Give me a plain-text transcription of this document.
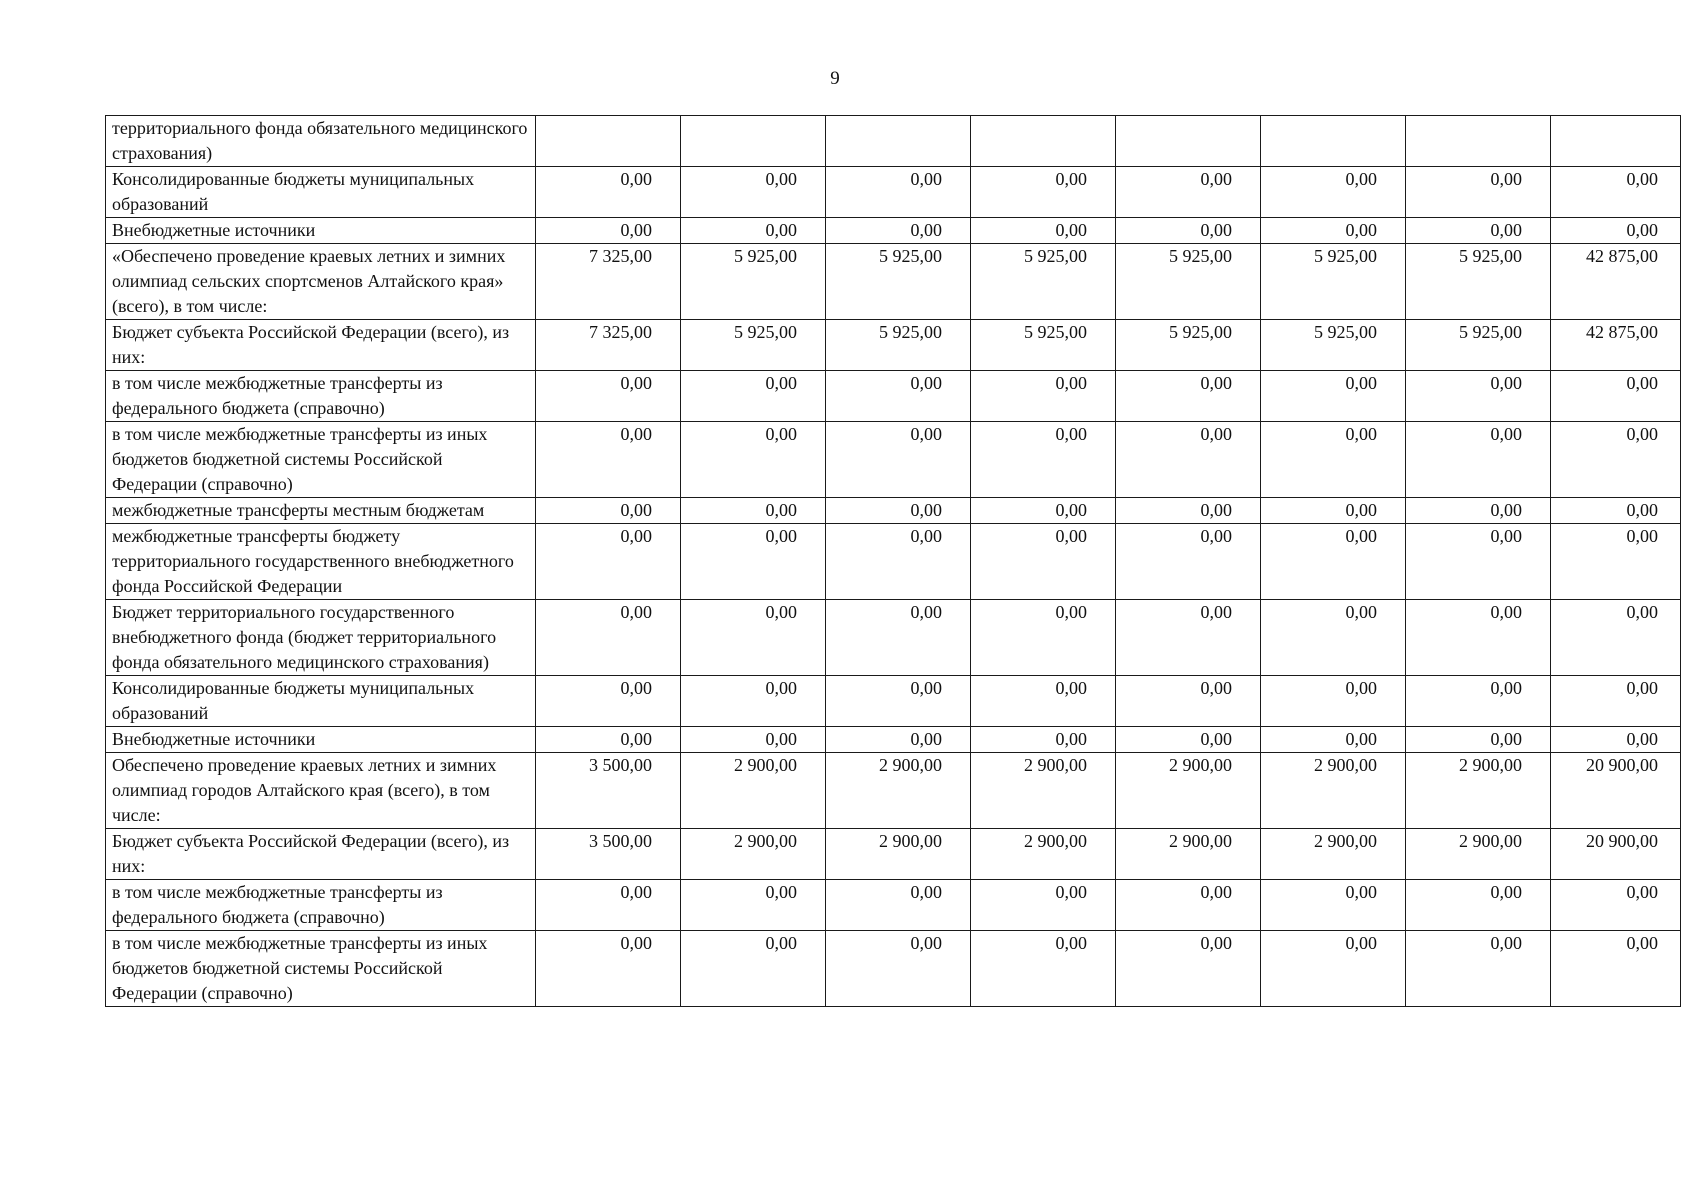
9
территориального фонда обязательного медицинского страхования)								
Консолидированные бюджеты муниципальных образований	0,00	0,00	0,00	0,00	0,00	0,00	0,00	0,00
Внебюджетные источники	0,00	0,00	0,00	0,00	0,00	0,00	0,00	0,00
«Обеспечено проведение краевых летних и зимних олимпиад сельских спортсменов Алтайского края» (всего), в том числе:	7 325,00	5 925,00	5 925,00	5 925,00	5 925,00	5 925,00	5 925,00	42 875,00
Бюджет субъекта Российской Федерации (всего), из них:	7 325,00	5 925,00	5 925,00	5 925,00	5 925,00	5 925,00	5 925,00	42 875,00
в том числе межбюджетные трансферты из федерального бюджета (справочно)	0,00	0,00	0,00	0,00	0,00	0,00	0,00	0,00
в том числе межбюджетные трансферты из иных бюджетов бюджетной системы Российской Федерации (справочно)	0,00	0,00	0,00	0,00	0,00	0,00	0,00	0,00
межбюджетные трансферты местным бюджетам	0,00	0,00	0,00	0,00	0,00	0,00	0,00	0,00
межбюджетные трансферты бюджету территориального государственного внебюджетного фонда Российской Федерации	0,00	0,00	0,00	0,00	0,00	0,00	0,00	0,00
Бюджет территориального государственного внебюджетного фонда (бюджет территориального фонда обязательного медицинского страхования)	0,00	0,00	0,00	0,00	0,00	0,00	0,00	0,00
Консолидированные бюджеты муниципальных образований	0,00	0,00	0,00	0,00	0,00	0,00	0,00	0,00
Внебюджетные источники	0,00	0,00	0,00	0,00	0,00	0,00	0,00	0,00
Обеспечено проведение краевых летних и зимних олимпиад городов Алтайского края (всего), в том числе:	3 500,00	2 900,00	2 900,00	2 900,00	2 900,00	2 900,00	2 900,00	20 900,00
Бюджет субъекта Российской Федерации (всего), из них:	3 500,00	2 900,00	2 900,00	2 900,00	2 900,00	2 900,00	2 900,00	20 900,00
в том числе межбюджетные трансферты из федерального бюджета (справочно)	0,00	0,00	0,00	0,00	0,00	0,00	0,00	0,00
в том числе межбюджетные трансферты из иных бюджетов бюджетной системы Российской Федерации (справочно)	0,00	0,00	0,00	0,00	0,00	0,00	0,00	0,00
